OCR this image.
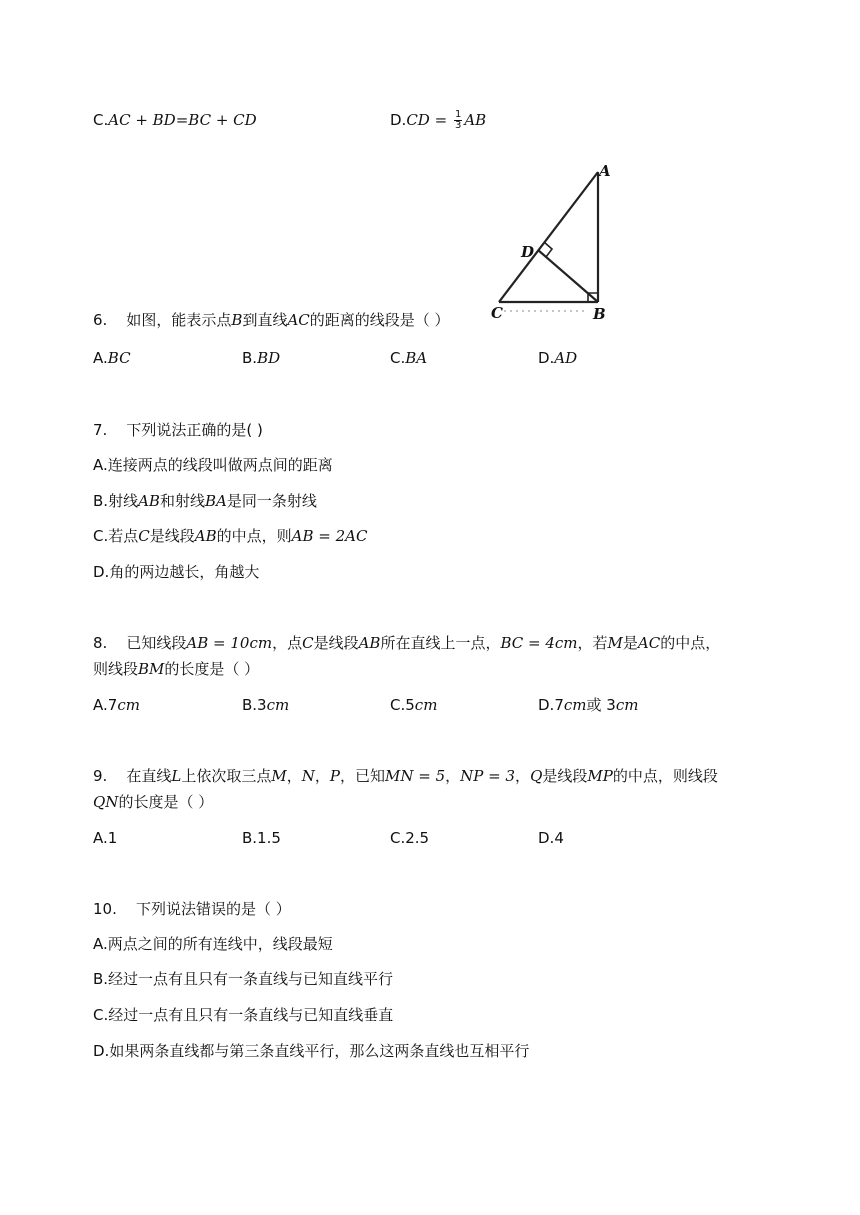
C.AC + BD=BC + CD	$D.CD = \frac{1}{3}$ AB
A
D
C	B
6. 如图，能表示点B到直线AC的距离的线段是（ ）
A.BC	B.BD	C.BA	D.AD
7. 下列说法正确的是( )
A.连接两点的线段叫做两点间的距离
B.射线AB和射线BA是同一条射线
C.若点C是线段AB的中点，则AB = 2AC
D.角的两边越长，角越大
8. 已知线段AB = 10cm，点C是线段AB所在直线上一点，BC = 4cm，若M是AC的中点，
则线段BM的长度是（ ）
A.7cm	B.3cm	C.5cm	D.7cm或 3cm
9. 在直线L上依次取三点M，N，P，已知MN = 5，NP = 3，Q是线段MP的中点，则线段
QN的长度是（ ）
A.1	B.1.5	C.2.5	D.4
10. 下列说法错误的是（ ）
A.两点之间的所有连线中，线段最短
B.经过一点有且只有一条直线与已知直线平行
C.经过一点有且只有一条直线与已知直线垂直
D.如果两条直线都与第三条直线平行，那么这两条直线也互相平行
